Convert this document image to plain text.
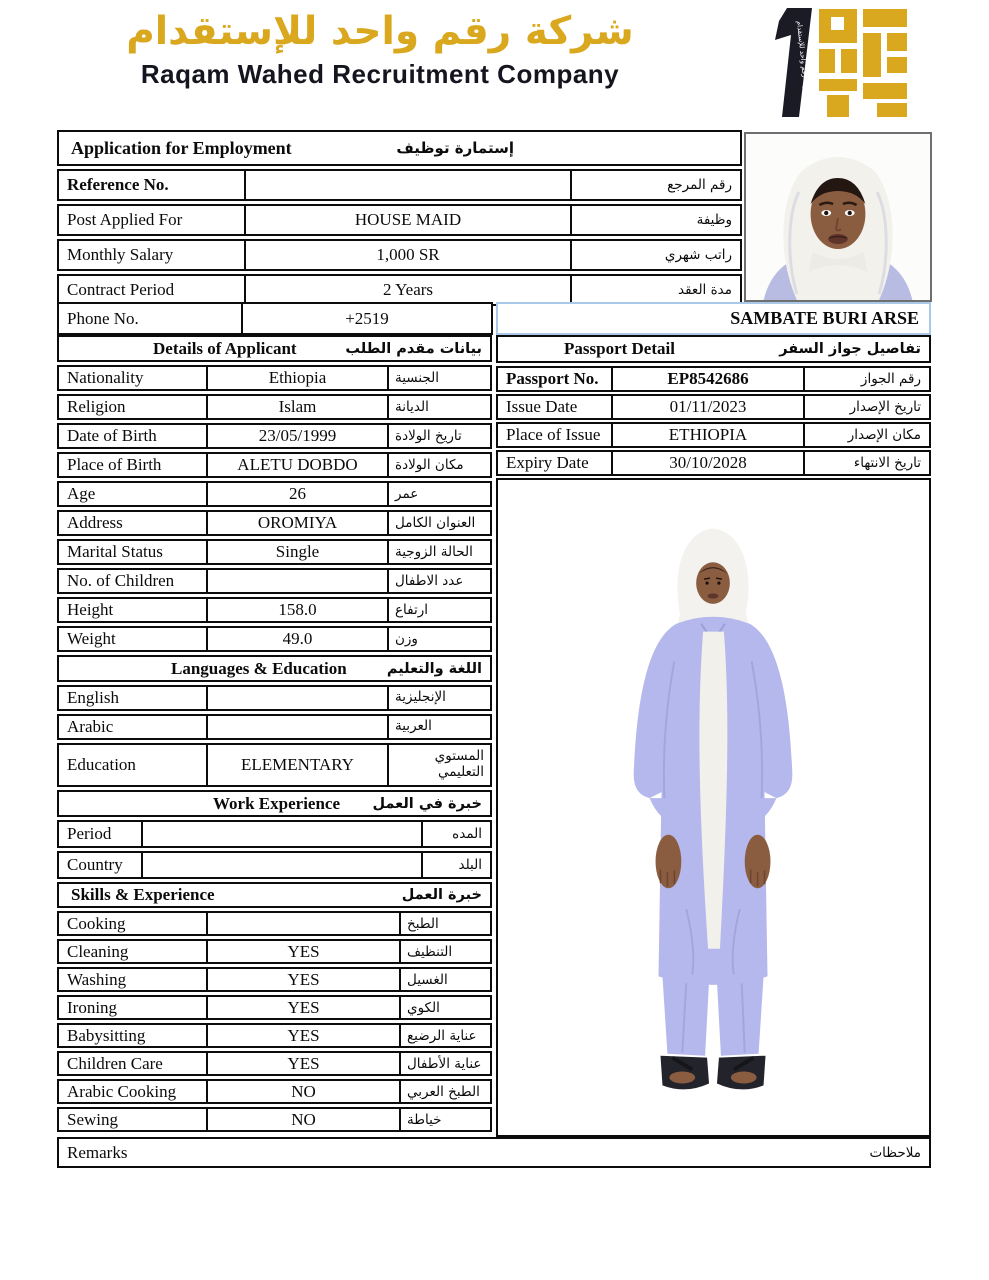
شركة رقم واحد للإستقدام
Raqam Wahed Recruitment Company	شركة رقم واحد للإستقدام
Application for Employment	إستمارة توظيف
Reference No.	رقم المرجع
Post Applied For	HOUSE MAID	وظيفة
Monthly Salary	1,000 SR	راتب شهري
Contract Period	2 Years	مدة العقد
Phone No.	+2519	SAMBATE BURI ARSE
Details of Applicant	بيانات مقدم الطلب
Nationality	Ethiopia	الجنسية
Religion	Islam	الديانة
Date of Birth	23/05/1999	تاريخ الولادة
Place of Birth	ALETU DOBDO	مكان الولادة
Age	26	عمر
Address	OROMIYA	العنوان الكامل
Marital Status	Single	الحالة الزوجية
No. of Children	عدد الاطفال
Height	158.0	ارتفاع
Weight	49.0	وزن
Languages & Education	اللغة والتعليم
English	الإنجليزية
Arabic	العربية
Education	ELEMENTARY	المستوي التعليمي
Work Experience خبرة في العمل
Period	المده
Country	البلد
Skills & Experience	خبرة العمل
Cooking	الطبخ
Cleaning	YES	التنظيف
Washing	YES	الغسيل
Ironing	YES	الكوي
Babysitting	YES	عناية الرضيع
Children Care	YES	عناية الأطفال
Arabic Cooking	NO	الطبخ العربي
Sewing	NO	خياطة
Passport Detail	تفاصيل جواز السفر
Passport No.	EP8542686	رقم الجواز
Issue Date	01/11/2023	تاريخ الإصدار
Place of Issue	ETHIOPIA	مكان الإصدار
Expiry Date	30/10/2028	تاريخ الانتهاء
Remarks	ملاحظات
